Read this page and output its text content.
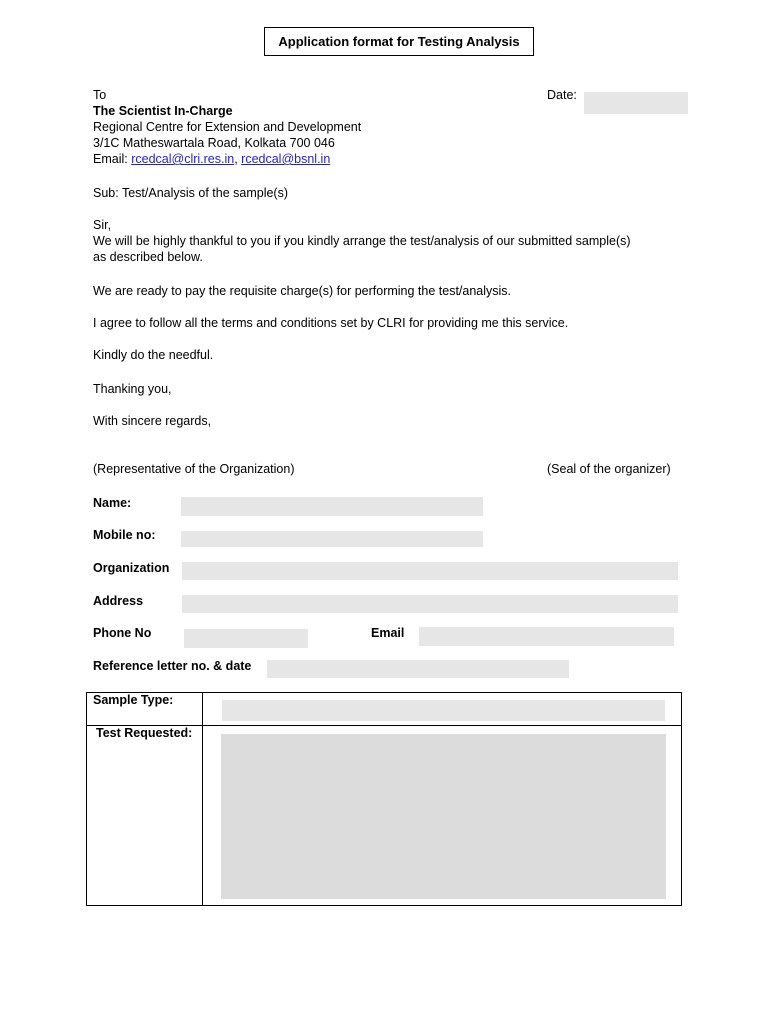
Application format for Testing Analysis
To
The Scientist In-Charge
Regional Centre for Extension and Development
3/1C Matheswartala Road, Kolkata 700 046
Email: rcedcal@clri.res.in, rcedcal@bsnl.in
Date:
Sub: Test/Analysis of the sample(s)
Sir,
We will be highly thankful to you if you kindly arrange the test/analysis of our submitted sample(s)
as described below.
We are ready to pay the requisite charge(s) for performing the test/analysis.
I agree to follow all the terms and conditions set by CLRI for providing me this service.
Kindly do the needful.
Thanking you,
With sincere regards,
(Representative of the Organization)	(Seal of the organizer)
Name:
Mobile no:
Organization
Address
Phone No	Email
Reference letter no. & date
Sample Type:
Test Requested:
